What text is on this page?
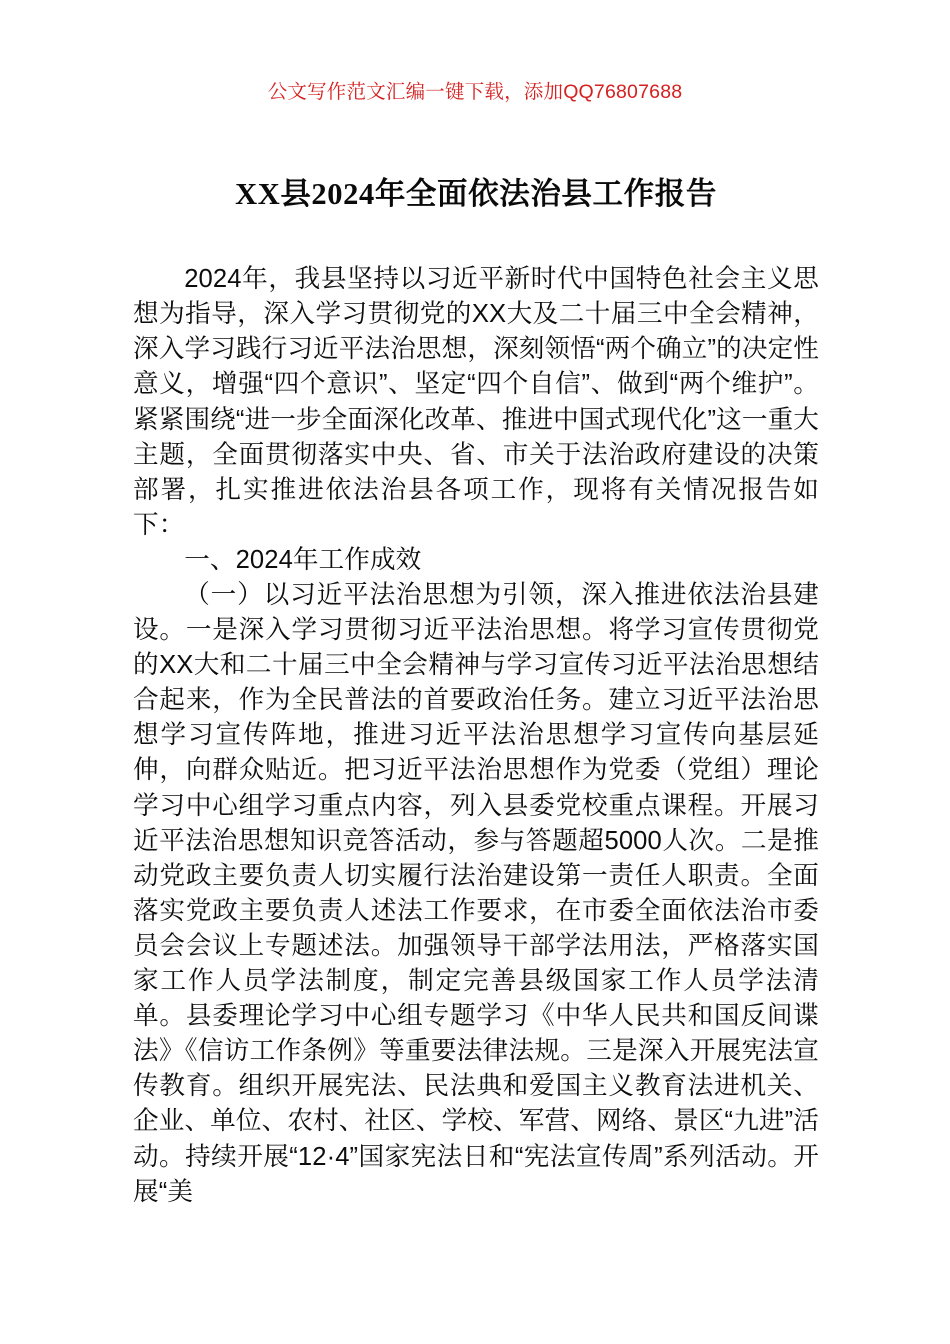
公文写作范文汇编一键下载，添加QQ76807688
XX县2024年全面依法治县工作报告

2024年，我县坚持以习近平新时代中国特色社会主义思想为指导，深入学习贯彻党的XX大及二十届三中全会精神，深入学习践行习近平法治思想，深刻领悟“两个确立”的决定性意义，增强“四个意识”、坚定“四个自信”、做到“两个维护”。紧紧围绕“进一步全面深化改革、推进中国式现代化”这一重大主题，全面贯彻落实中央、省、市关于法治政府建设的决策部署，扎实推进依法治县各项工作，现将有关情况报告如下：

一、2024年工作成效

（一）以习近平法治思想为引领，深入推进依法治县建设。一是深入学习贯彻习近平法治思想。将学习宣传贯彻党的XX大和二十届三中全会精神与学习宣传习近平法治思想结合起来，作为全民普法的首要政治任务。建立习近平法治思想学习宣传阵地，推进习近平法治思想学习宣传向基层延伸，向群众贴近。把习近平法治思想作为党委（党组）理论学习中心组学习重点内容，列入县委党校重点课程。开展习近平法治思想知识竞答活动，参与答题超5000人次。二是推动党政主要负责人切实履行法治建设第一责任人职责。全面落实党政主要负责人述法工作要求，在市委全面依法治市委员会会议上专题述法。加强领导干部学法用法，严格落实国家工作人员学法制度，制定完善县级国家工作人员学法清单。县委理论学习中心组专题学习《中华人民共和国反间谍法》《信访工作条例》等重要法律法规。三是深入开展宪法宣传教育。组织开展宪法、民法典和爱国主义教育法进机关、企业、单位、农村、社区、学校、军营、网络、景区“九进”活动。持续开展“12·4”国家宪法日和“宪法宣传周”系列活动。开展“美
